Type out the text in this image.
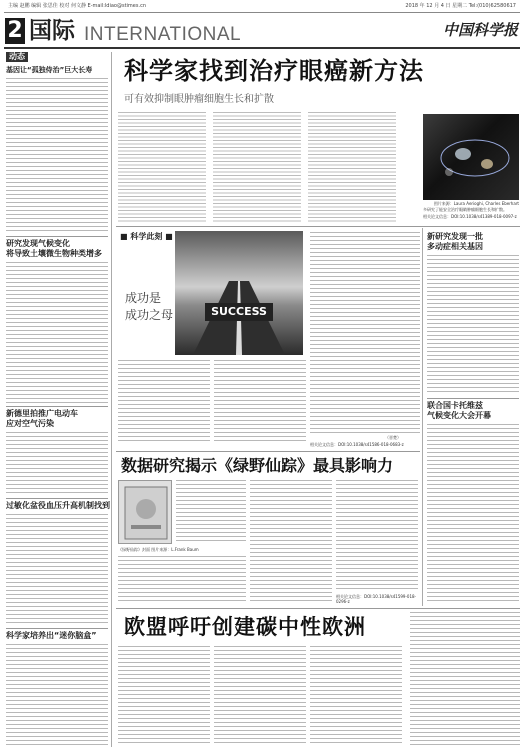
主编 赵鹏 编辑 张思佳 校对 何文静 E-mail:ldiao@stimes.cn	2018 年 12 月 4 日 星期二 Tel:(010)62580617
2 国际 INTERNATIONAL	中国科学报
动态
基因让“孤独侍治”巨大长寿
研究发现气候变化
将导致土壤微生物种类增多
新德里拍推广电动车
应对空气污染
过敏化盆役血压升高机制找到
科学家培养出“迷你脑盒”
科学家找到治疗眼癌新方法
可有效抑制眼肿瘤细胞生长和扩散
图片来源：Laura Aerioghi, Charles Eberhart
多研究了能安全治疗眼睛肿瘤细胞生长和扩散。
相关论文信息：DOI:10.1038/s41389-018-0097-z
■ 科学此刻 ■
SUCCESS
成功是
成功之母
（晋楚）
相关论文信息：DOI:10.1038/s41586-018-0683-z
新研究发现一批
多动症相关基因
联合国卡托维兹
气候变化大会开幕
数据研究揭示《绿野仙踪》最具影响力
《绿野仙踪》封面 图片来源：L.Frank Baum
相关论文信息：DOI:10.1038/s41599-018-0296-z
欧盟呼吁创建碳中性欧洲
